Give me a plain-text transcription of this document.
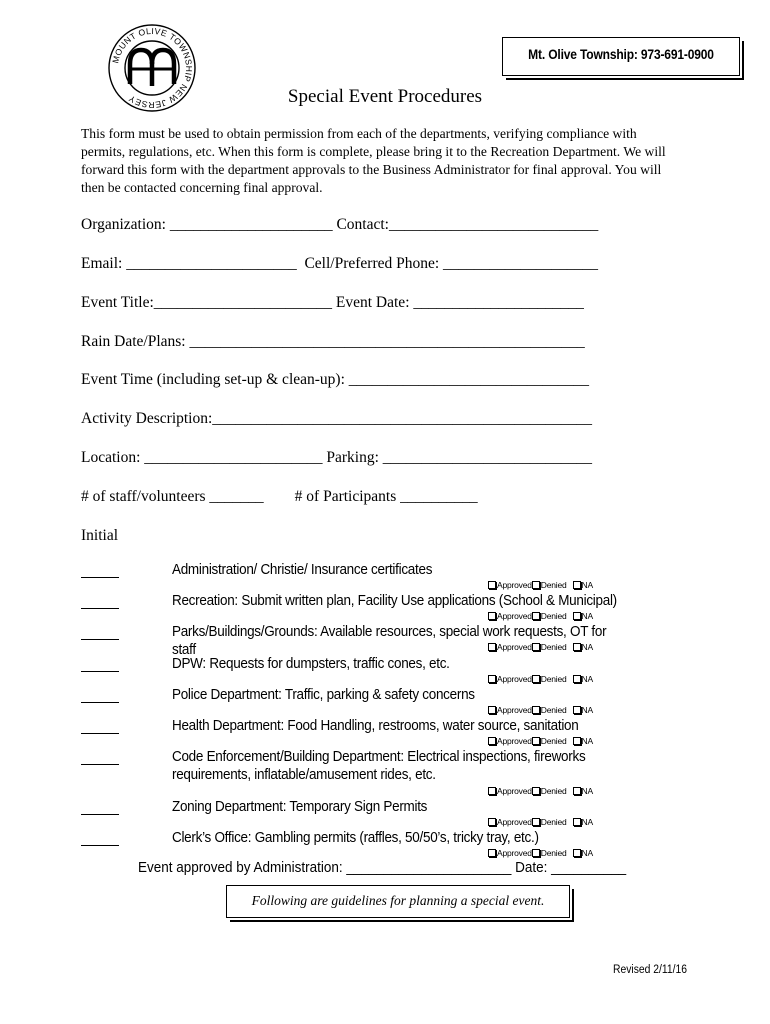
MOUNT OLIVE TOWNSHIP NEW JERSEY
Mt. Olive Township: 973-691-0900
Special Event Procedures
This form must be used to obtain permission from each of the departments, verifying compliance with permits, regulations, etc. When this form is complete, please bring it to the Recreation Department. We will forward this form with the department approvals to the Business Administrator for final approval. You will then be contacted concerning final approval.
Organization: _____________________ Contact:___________________________
Email: ______________________  Cell/Preferred Phone: ____________________
Event Title:_______________________ Event Date: ______________________
Rain Date/Plans: ___________________________________________________
Event Time (including set-up & clean-up): _______________________________
Activity Description:_________________________________________________
Location: _______________________ Parking: ___________________________
# of staff/volunteers _______        # of Participants __________
Initial
Administration/ Christie/ Insurance certificates
Approved Denied NA
Recreation: Submit written plan, Facility Use applications (School & Municipal)
Approved Denied NA
Parks/Buildings/Grounds: Available resources, special work requests, OT for staff	Approved Denied NA
DPW: Requests for dumpsters, traffic cones, etc.
Approved Denied NA
Police Department: Traffic, parking & safety concerns
Approved Denied NA
Health Department: Food Handling, restrooms, water source, sanitation
Approved Denied NA
Code Enforcement/Building Department: Electrical inspections, fireworks
requirements, inflatable/amusement rides, etc.
Approved Denied NA
Zoning Department: Temporary Sign Permits
Approved Denied NA
Clerk’s Office: Gambling permits (raffles, 50/50’s, tricky tray, etc.)
Approved Denied NA
Event approved by Administration: ______________________ Date: __________
Following are guidelines for planning a special event.
Revised 2/11/16
